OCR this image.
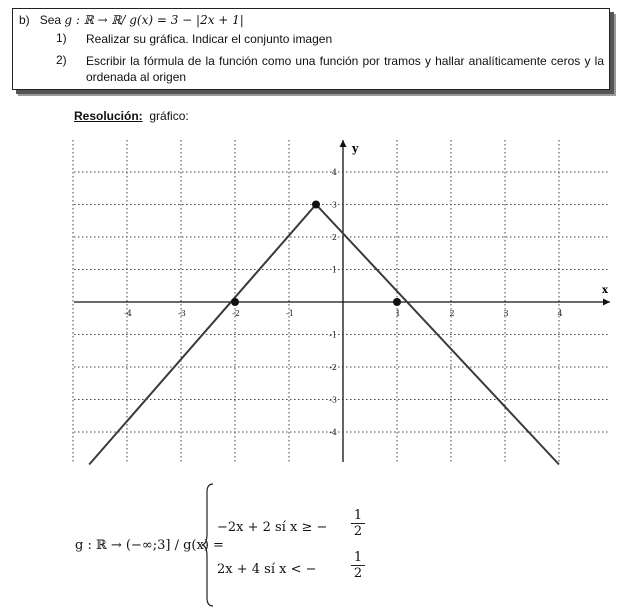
b) Sea g : ℝ → ℝ/ g(x) = 3 − |2x + 1|
1) Realizar su gráfica. Indicar el conjunto imagen
2) Escribir la fórmula de la función como una función por tramos y hallar analíticamente ceros y la
ordenada al origen
Resolución: gráfico:
x
y
-4	-3	-2	-1	1	2	3	4
4
3
2
1
-1
-2
-3
-4
g : ℝ → (−∞;3] / g(x) =
−2x + 2 sí x ≥ − $\frac{1}{2}$
2x + 4 sí x < −	$\frac{1}{2}$
